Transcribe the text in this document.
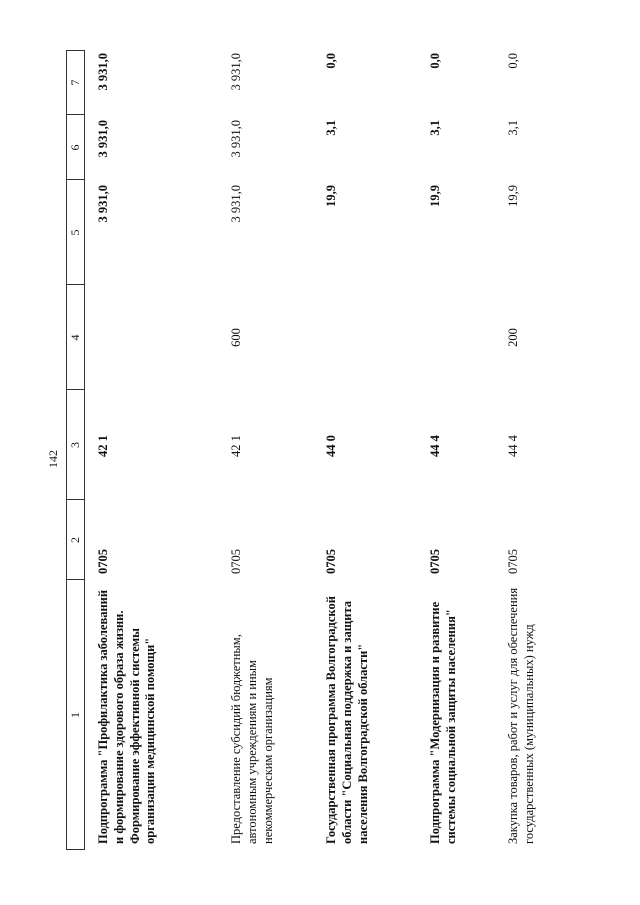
142
1
2
3
4
5
6
7
Подпрограмма "Профилактика заболеваний и формирование здорового образа жизни. Формирование эффективной системы организации медицинской помощи"
0705
42 1
3 931,0
3 931,0
3 931,0
Предоставление субсидий бюджетным, автономным учреждениям и иным некоммерческим организациям
0705
42 1
600
3 931,0
3 931,0
3 931,0
Государственная программа Волгоградской области "Социальная поддержка и защита населения Волгоградской области"
0705
44 0
19,9
3,1
0,0
Подпрограмма "Модернизация и развитие системы социальной защиты населения"
0705
44 4
19,9
3,1
0,0
Закупка товаров, работ и услуг для обеспечения государственных (муниципальных) нужд
0705
44 4
200
19,9
3,1
0,0
